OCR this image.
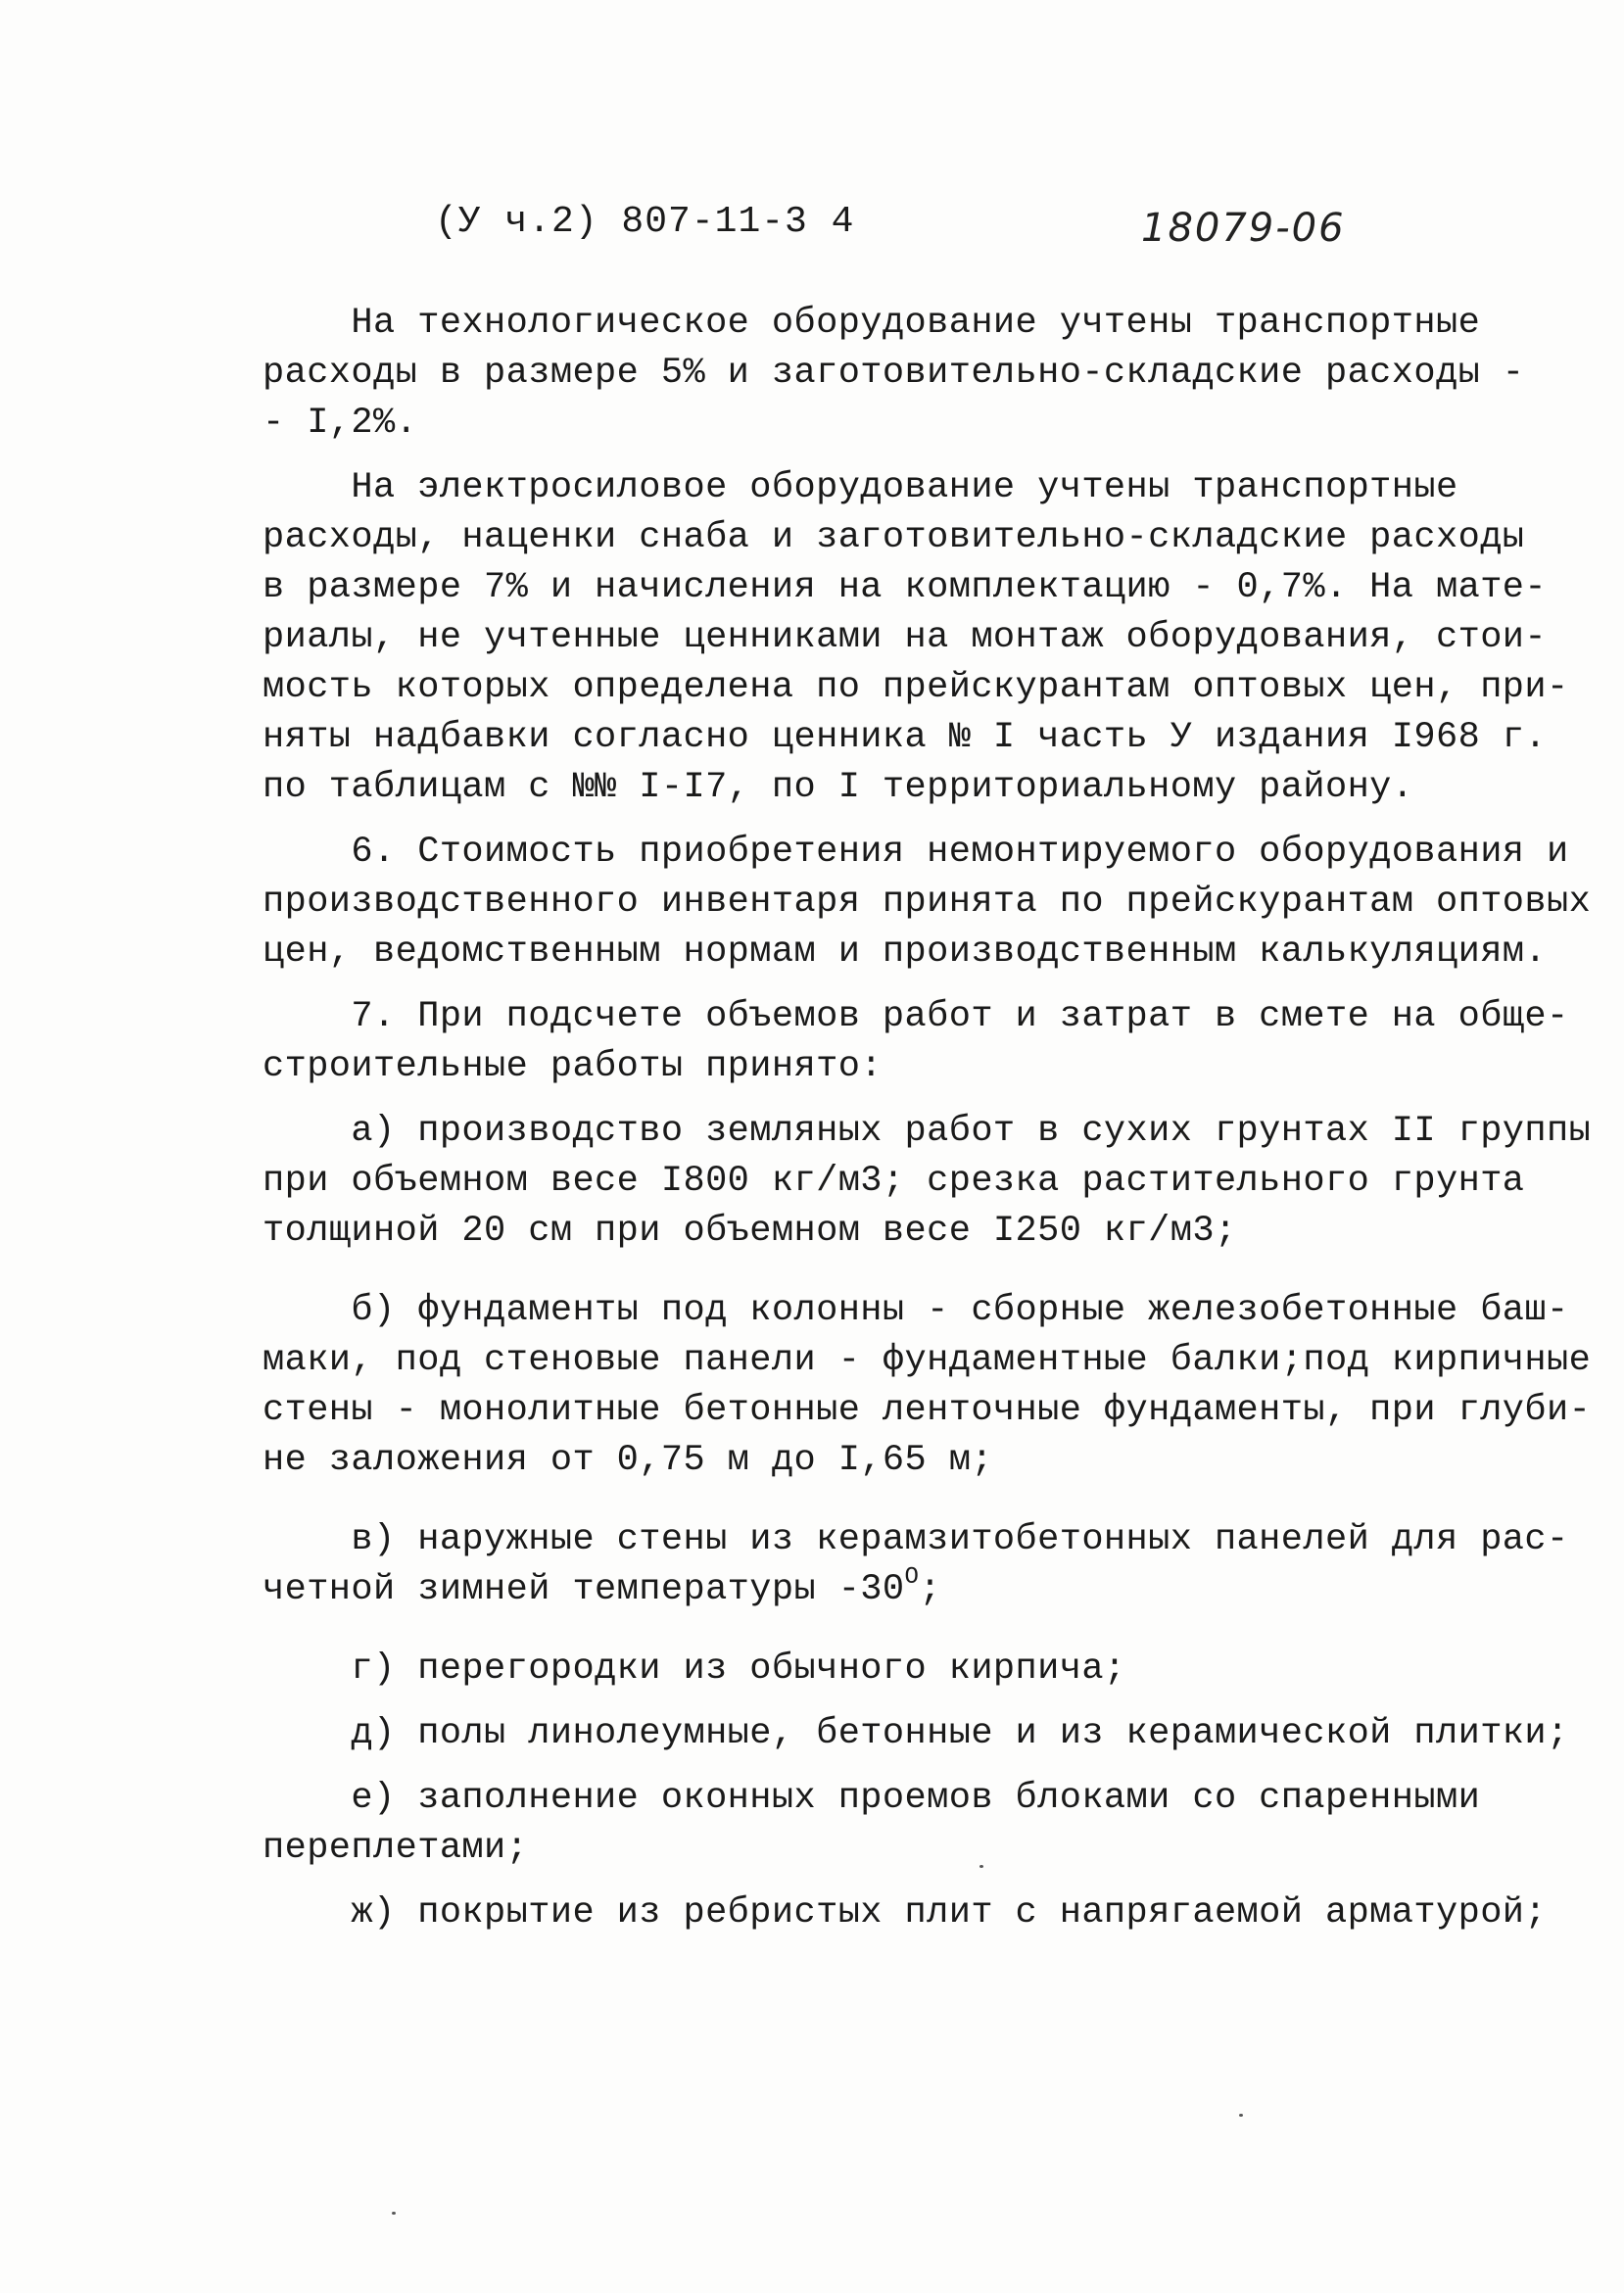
(У ч.2) 807-11-3 4	18079-06
На технологическое оборудование учтены транспортные
расходы в размере 5% и заготовительно-складские расходы -
- I,2%.
На электросиловое оборудование учтены транспортные
расходы, наценки снаба и заготовительно-складские расходы
в размере 7% и начисления на комплектацию - 0,7%. На мате-
риалы, не учтенные ценниками на монтаж оборудования, стои-
мость которых определена по прейскурантам оптовых цен, при-
няты надбавки согласно ценника № I часть У издания I968 г.
по таблицам с №№ I-I7, по I территориальному району.
6. Стоимость приобретения немонтируемого оборудования и
производственного инвентаря принята по прейскурантам оптовых
цен, ведомственным нормам и производственным калькуляциям.
7. При подсчете объемов работ и затрат в смете на обще-
строительные работы принято:
а) производство земляных работ в сухих грунтах II группы
при объемном весе I800 кг/м3; срезка растительного грунта
толщиной 20 см при объемном весе I250 кг/м3;
б) фундаменты под колонны - сборные железобетонные баш-
маки, под стеновые панели - фундаментные балки;под кирпичные
стены - монолитные бетонные ленточные фундаменты, при глуби-
не заложения от 0,75 м до I,65 м;
в) наружные стены из керамзитобетонных панелей для рас-
четной зимней температуры $-30^О$;
г) перегородки из обычного кирпича;
д) полы линолеумные, бетонные и из керамической плитки;
е) заполнение оконных проемов блоками со спаренными
переплетами;
ж) покрытие из ребристых плит с напрягаемой арматурой;
